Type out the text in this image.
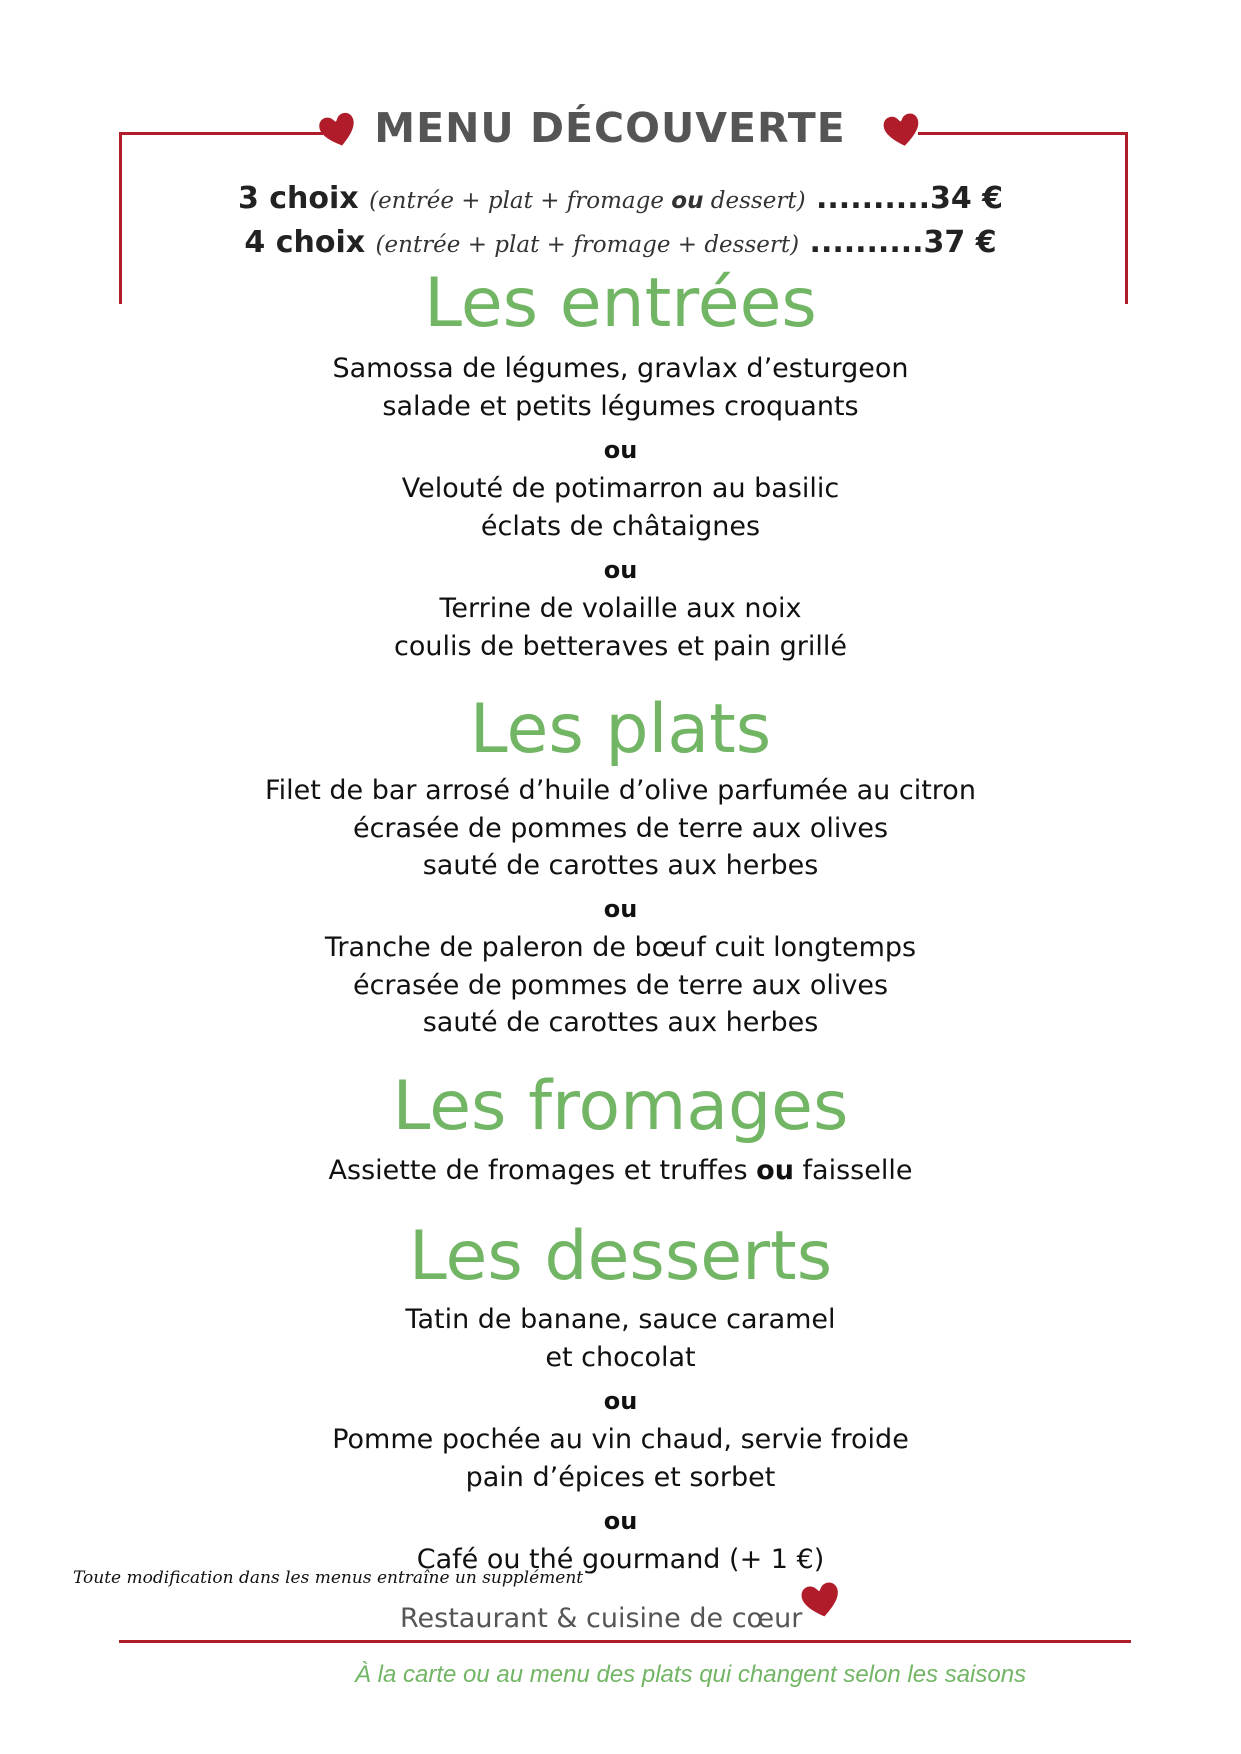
MENU DÉCOUVERTE
3 choix (entrée + plat + fromage ou dessert) ..........34 €
4 choix (entrée + plat + fromage + dessert) ..........37 €
Les entrées
Samossa de légumes, gravlax d’esturgeon
salade et petits légumes croquants
ou
Velouté de potimarron au basilic
éclats de châtaignes
ou
Terrine de volaille aux noix
coulis de betteraves et pain grillé
Les plats
Filet de bar arrosé d’huile d’olive parfumée au citron
écrasée de pommes de terre aux olives
sauté de carottes aux herbes
ou
Tranche de paleron de bœuf cuit longtemps
écrasée de pommes de terre aux olives
sauté de carottes aux herbes
Les fromages
Assiette de fromages et truffes ou faisselle
Les desserts
Tatin de banane, sauce caramel
et chocolat
ou
Pomme pochée au vin chaud, servie froide
pain d’épices et sorbet
ou
Café ou thé gourmand (+ 1 €)
Toute modification dans les menus entraîne un supplément
Restaurant & cuisine de cœur
À la carte ou au menu des plats qui changent selon les saisons
